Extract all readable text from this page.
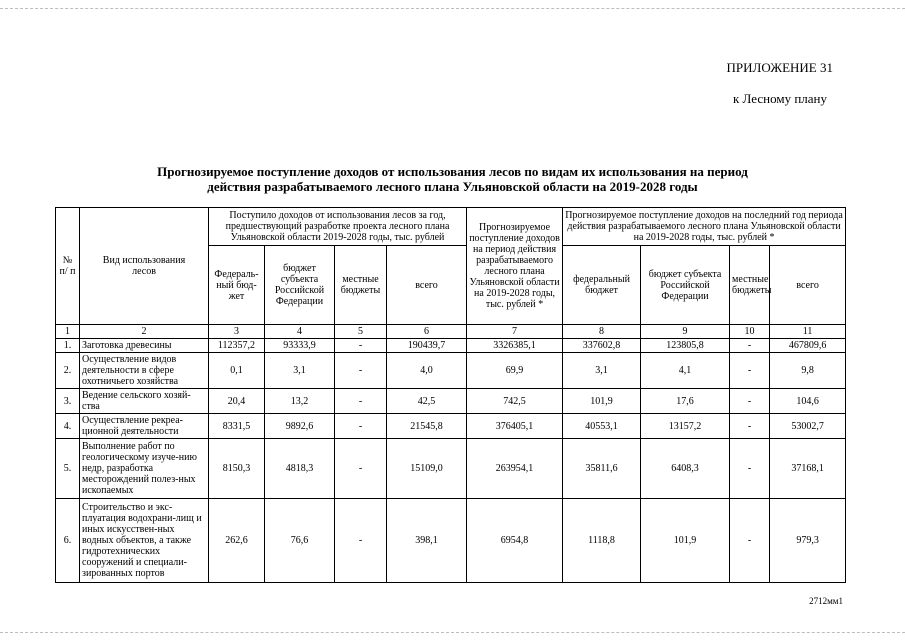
ПРИЛОЖЕНИЕ 31
к Лесному плану
Прогнозируемое поступление доходов от использования лесов по видам их использования на период
действия разрабатываемого лесного плана Ульяновской области на 2019-2028 годы
№ п/ п	Вид использования лесов	Поступило доходов от использования лесов за год, предшествующий разработке проекта лесного плана Ульяновской области 2019-2028 годы, тыс. рублей				Прогнозируемое поступление доходов на период действия разрабатываемого лесного плана Ульяновской области на 2019-2028 годы, тыс. рублей *	Прогнозируемое поступление доходов на последний год периода действия разрабатываемого лесного плана Ульяновской области на 2019-2028 годы, тыс. рублей *			
		Федераль-ный бюд-жет	бюджет субъекта Российской Федерации	местные бюджеты	всего		федеральный бюджет	бюджет субъекта Российской Федерации	местные бюджеты	всего
1	2	3	4	5	6	7	8	9	10	11
1.	Заготовка древесины	112357,2	93333,9	-	190439,7	3326385,1	337602,8	123805,8	-	467809,6
2.	Осуществление видов деятельности в сфере охотничьего хозяйства	0,1	3,1	-	4,0	69,9	3,1	4,1	-	9,8
3.	Ведение сельского хозяй-ства	20,4	13,2	-	42,5	742,5	101,9	17,6	-	104,6
4.	Осуществление рекреа-ционной деятельности	8331,5	9892,6	-	21545,8	376405,1	40553,1	13157,2	-	53002,7
5.	Выполнение работ по геологическому изуче-нию недр, разработка месторождений полез-ных ископаемых	8150,3	4818,3	-	15109,0	263954,1	35811,6	6408,3	-	37168,1
6.	Строительство и экс-плуатация водохрани-лищ и иных искусствен-ных водных объектов, а также гидротехнических сооружений и специали-зированных портов	262,6	76,6	-	398,1	6954,8	1118,8	101,9	-	979,3
2712мм1
